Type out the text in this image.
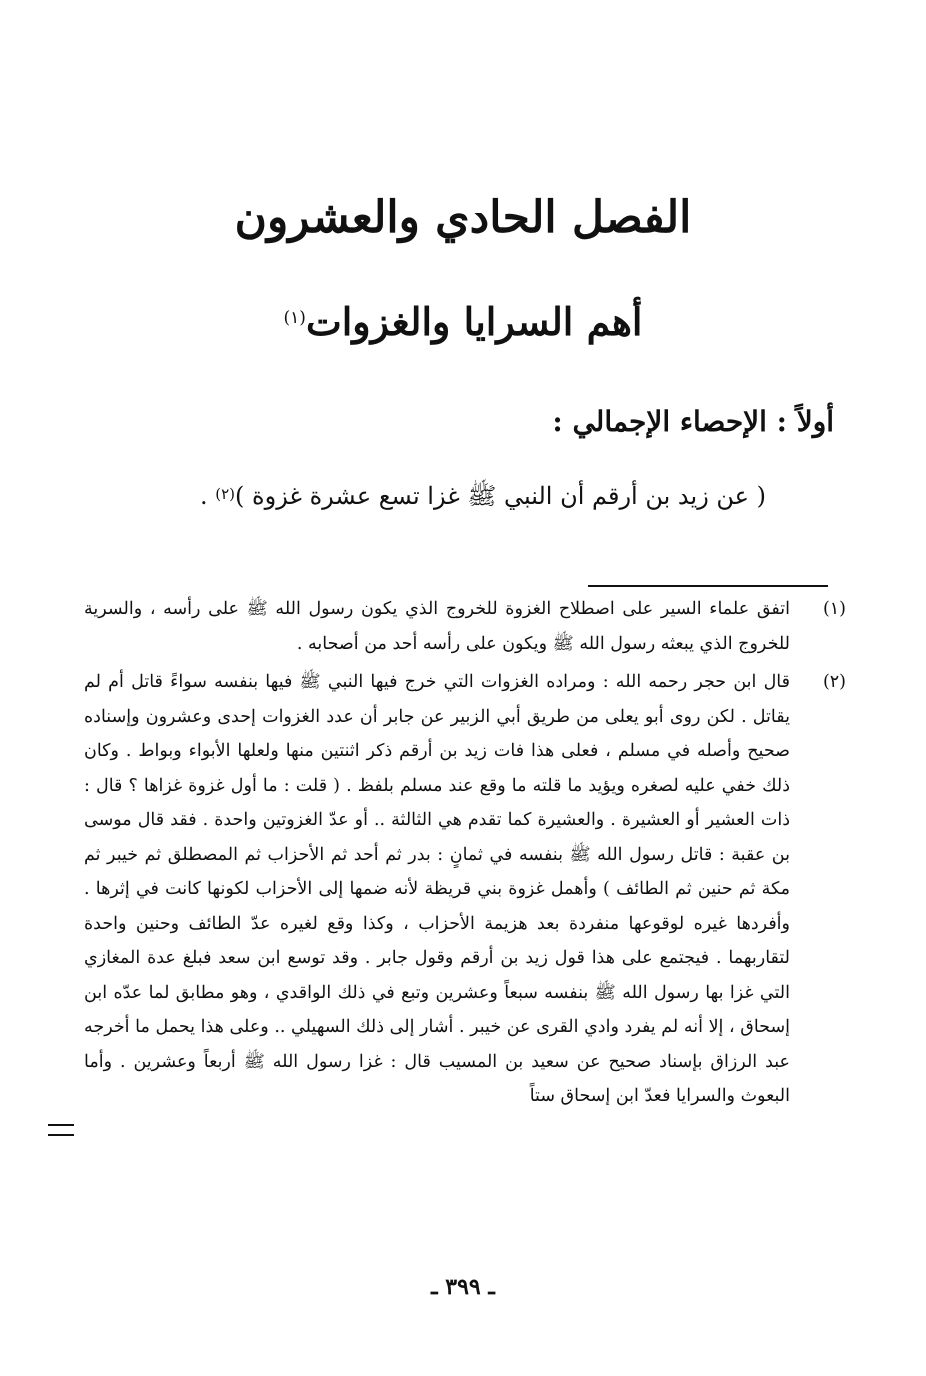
الفصل الحادي والعشرون
أهم السرايا والغزوات$^{(١)}$
أولاً : الإحصاء الإجمالي :

( عن زيد بن أرقم أن النبي ﷺ غزا تسع عشرة غزوة )$^{(٢)}$ .

(١)
اتفق علماء السير على اصطلاح الغزوة للخروج الذي يكون رسول الله ﷺ على رأسه ، والسرية للخروج الذي يبعثه رسول الله ﷺ ويكون على رأسه أحد من أصحابه .
(٢)
قال ابن حجر رحمه الله : ومراده الغزوات التي خرج فيها النبي ﷺ فيها بنفسه سواءً قاتل أم لم يقاتل . لكن روى أبو يعلى من طريق أبي الزبير عن جابر أن عدد الغزوات إحدى وعشرون وإسناده صحيح وأصله في مسلم ، فعلى هذا فات زيد بن أرقم ذكر اثنتين منها ولعلها الأبواء وبواط . وكان ذلك خفي عليه لصغره ويؤيد ما قلته ما وقع عند مسلم بلفظ . ( قلت : ما أول غزوة غزاها ؟ قال : ذات العشير أو العشيرة . والعشيرة كما تقدم هي الثالثة .. أو عدّ الغزوتين واحدة . فقد قال موسى بن عقبة : قاتل رسول الله ﷺ بنفسه في ثمانٍ : بدر ثم أحد ثم الأحزاب ثم المصطلق ثم خيبر ثم مكة ثم حنين ثم الطائف ) وأهمل غزوة بني قريظة لأنه ضمها إلى الأحزاب لكونها كانت في إثرها . وأفردها غيره لوقوعها منفردة بعد هزيمة الأحزاب ، وكذا وقع لغيره عدّ الطائف وحنين واحدة لتقاربهما . فيجتمع على هذا قول زيد بن أرقم وقول جابر . وقد توسع ابن سعد فبلغ عدة المغازي التي غزا بها رسول الله ﷺ بنفسه سبعاً وعشرين وتبع في ذلك الواقدي ، وهو مطابق لما عدّه ابن إسحاق ، إلا أنه لم يفرد وادي القرى عن خيبر . أشار إلى ذلك السهيلي .. وعلى هذا يحمل ما أخرجه عبد الرزاق بإسناد صحيح عن سعيد بن المسيب قال : غزا رسول الله ﷺ أربعاً وعشرين . وأما البعوث والسرايا فعدّ ابن إسحاق ستاً

ـ ٣٩٩ ـ
